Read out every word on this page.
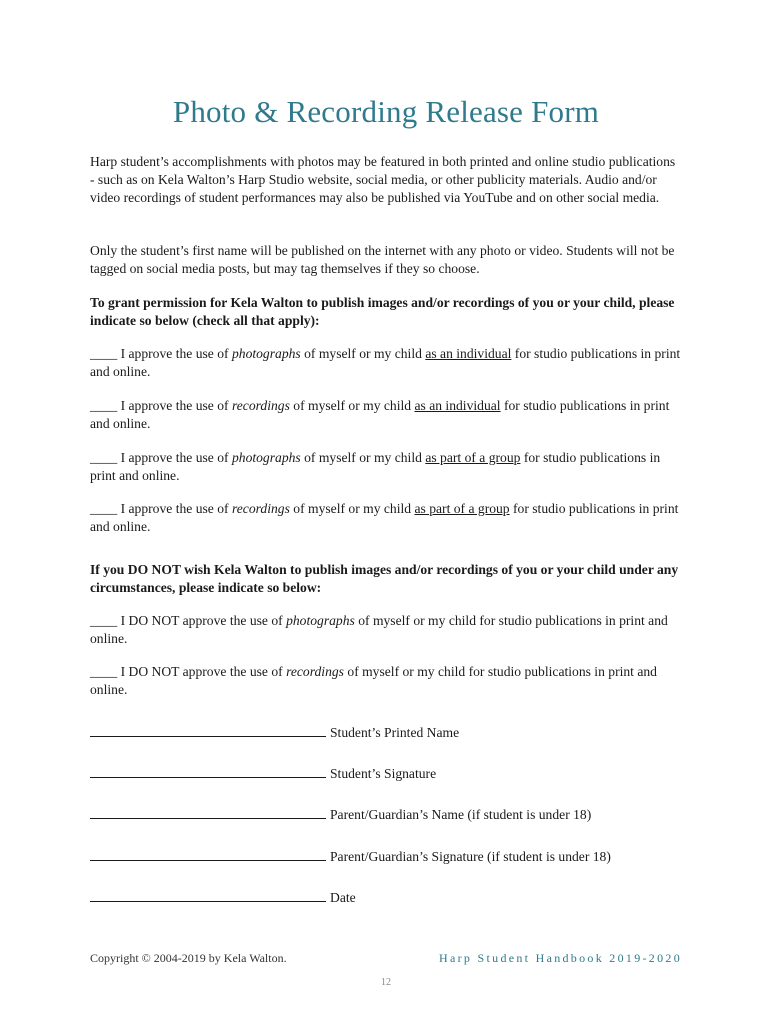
Photo & Recording Release Form

Harp student’s accomplishments with photos may be featured in both printed and online studio publications - such as on Kela Walton’s Harp Studio website, social media, or other publicity materials. Audio and/or video recordings of student performances may also be published via YouTube and on other social media.

Only the student’s first name will be published on the internet with any photo or video. Students will not be tagged on social media posts, but may tag themselves if they so choose.

To grant permission for Kela Walton to publish images and/or recordings of you or your child, please indicate so below (check all that apply):

____ I approve the use of photographs of myself or my child as an individual for studio publications in print and online.

____ I approve the use of recordings of myself or my child as an individual for studio publications in print and online.

____ I approve the use of photographs of myself or my child as part of a group for studio publications in print and online.

____ I approve the use of recordings of myself or my child as part of a group for studio publications in print and online.

If you DO NOT wish Kela Walton to publish images and/or recordings of you or your child under any circumstances, please indicate so below:

____ I DO NOT approve the use of photographs of myself or my child for studio publications in print and online.

____ I DO NOT approve the use of recordings of myself or my child for studio publications in print and online.

Student’s Printed Name
Student’s Signature
Parent/Guardian’s Name (if student is under 18)
Parent/Guardian’s Signature (if student is under 18)
Date
Copyright © 2004-2019 by Kela Walton.	Harp Student Handbook 2019-2020
12
